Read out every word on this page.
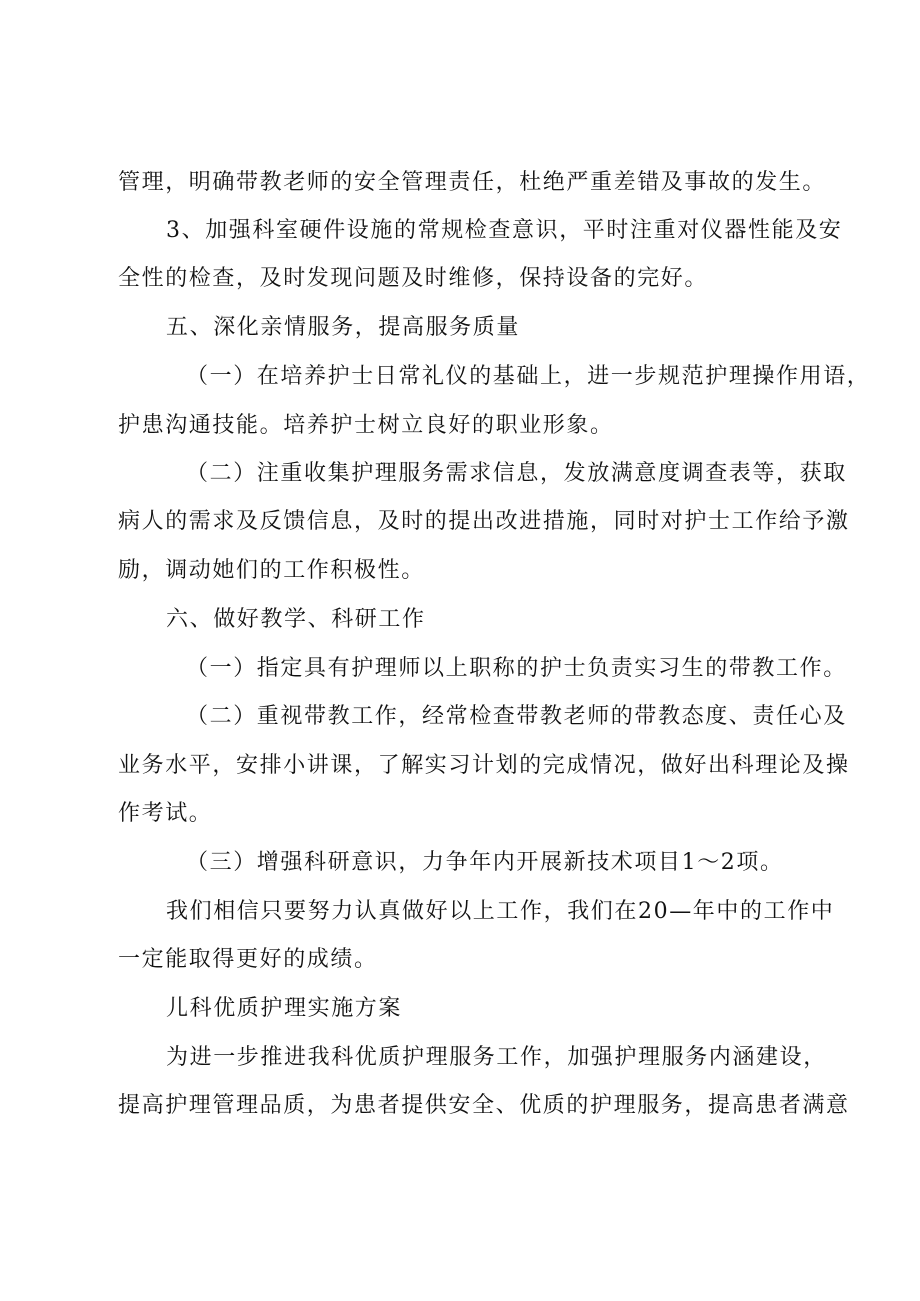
管理，明确带教老师的安全管理责任，杜绝严重差错及事故的发生。
3、加强科室硬件设施的常规检查意识，平时注重对仪器性能及安
全性的检查，及时发现问题及时维修，保持设备的完好。
五、深化亲情服务，提高服务质量
（一）在培养护士日常礼仪的基础上，进一步规范护理操作用语，
护患沟通技能。培养护士树立良好的职业形象。
（二）注重收集护理服务需求信息，发放满意度调查表等，获取
病人的需求及反馈信息，及时的提出改进措施，同时对护士工作给予激
励，调动她们的工作积极性。
六、做好教学、科研工作
（一）指定具有护理师以上职称的护士负责实习生的带教工作。
（二）重视带教工作，经常检查带教老师的带教态度、责任心及
业务水平，安排小讲课，了解实习计划的完成情况，做好出科理论及操
作考试。
（三）增强科研意识，力争年内开展新技术项目1～2项。
我们相信只要努力认真做好以上工作，我们在20—年中的工作中
一定能取得更好的成绩。
儿科优质护理实施方案
为进一步推进我科优质护理服务工作，加强护理服务内涵建设，
提高护理管理品质，为患者提供安全、优质的护理服务，提高患者满意
